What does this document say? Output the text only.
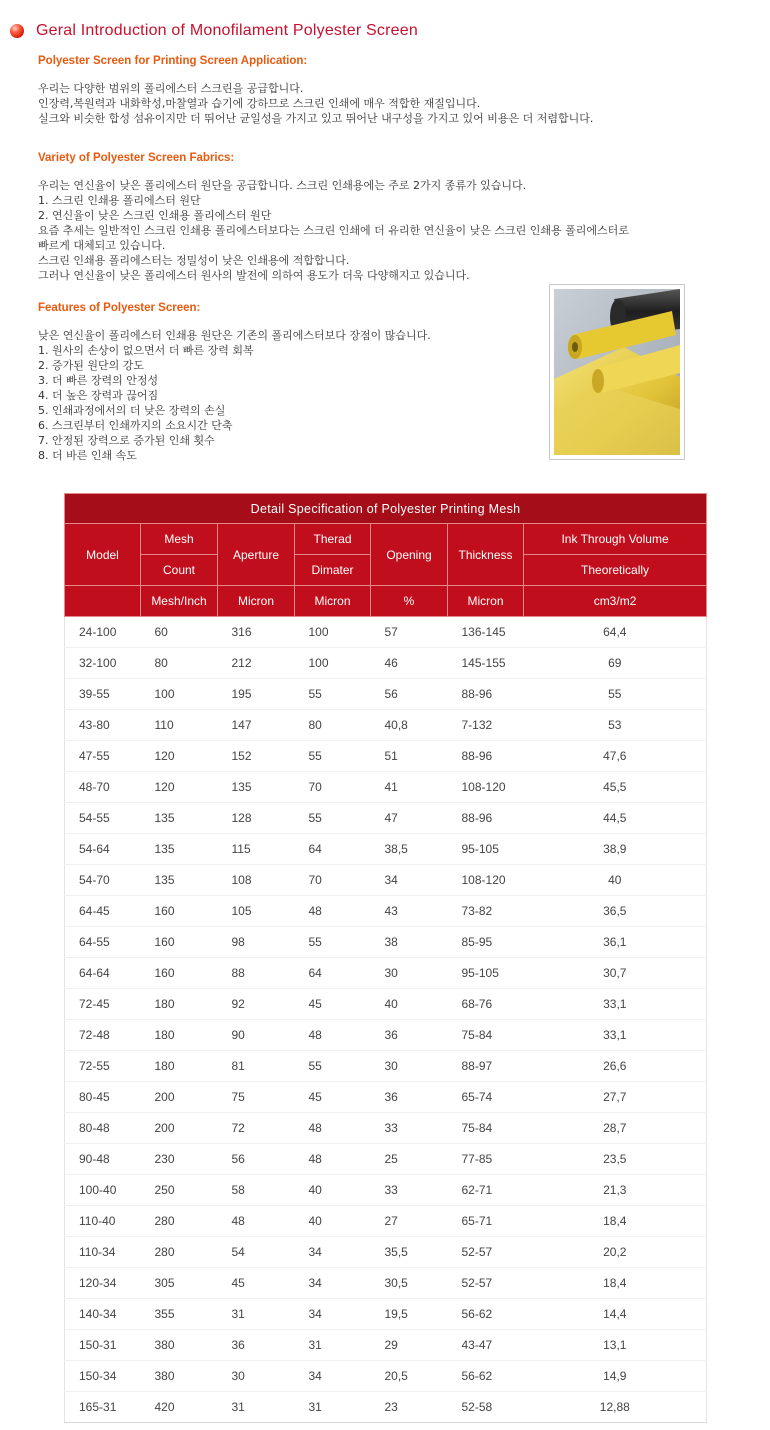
Geral Introduction of Monofilament Polyester Screen
Polyester Screen for Printing Screen Application:

우리는 다양한 범위의 폴리에스터 스크린을 공급합니다.

인장력,복원력과 내화학성,마찰열과 습기에 강하므로 스크린 인쇄에 매우 적합한 재질입니다.

실크와 비슷한 합성 섬유이지만 더 뛰어난 균일성을 가지고 있고 뛰어난 내구성을 가지고 있어 비용은 더 저렴합니다.

Variety of Polyester Screen Fabrics:

우리는 연신율이 낮은 폴리에스터 원단을 공급합니다. 스크린 인쇄용에는 주로 2가지 종류가 있습니다.

1. 스크린 인쇄용 폴리에스터 원단

2. 연신율이 낮은 스크린 인쇄용 폴리에스터 원단

요즘 추세는 일반적인 스크린 인쇄용 폴리에스터보다는 스크린 인쇄에 더 유리한 연신율이 낮은 스크린 인쇄용 폴리에스터로

빠르게 대체되고 있습니다.

스크린 인쇄용 폴리에스터는 정밀성이 낮은 인쇄용에 적합합니다.

그러나 연신율이 낮은 폴리에스터 원사의 발전에 의하여 용도가 더욱 다양해지고 있습니다.

Features of Polyester Screen:

낮은 연신율이 폴리에스터 인쇄용 원단은 기존의 폴리에스터보다 장점이 많습니다.

1. 원사의 손상이 없으면서 더 빠른 장력 회복

2. 증가된 원단의 강도

3. 더 빠른 장력의 안정성

4. 더 높은 장력과 끊어짐

5. 인쇄과정에서의 더 낮은 장력의 손실

6. 스크린부터 인쇄까지의 소요시간 단축

7. 안정된 장력으로 증가된 인쇄 횟수

8. 더 바른 인쇄 속도

Detail Specification of Polyester Printing Mesh						
Model	Mesh	Aperture	Therad	Opening	Thickness	Ink Through Volume
	Count		Dimater			Theoretically
	Mesh/Inch	Micron	Micron	%	Micron	cm3/m2
24-100	60	316	100	57	136-145	64,4
32-100	80	212	100	46	145-155	69
39-55	100	195	55	56	88-96	55
43-80	110	147	80	40,8	7-132	53
47-55	120	152	55	51	88-96	47,6
48-70	120	135	70	41	108-120	45,5
54-55	135	128	55	47	88-96	44,5
54-64	135	115	64	38,5	95-105	38,9
54-70	135	108	70	34	108-120	40
64-45	160	105	48	43	73-82	36,5
64-55	160	98	55	38	85-95	36,1
64-64	160	88	64	30	95-105	30,7
72-45	180	92	45	40	68-76	33,1
72-48	180	90	48	36	75-84	33,1
72-55	180	81	55	30	88-97	26,6
80-45	200	75	45	36	65-74	27,7
80-48	200	72	48	33	75-84	28,7
90-48	230	56	48	25	77-85	23,5
100-40	250	58	40	33	62-71	21,3
110-40	280	48	40	27	65-71	18,4
110-34	280	54	34	35,5	52-57	20,2
120-34	305	45	34	30,5	52-57	18,4
140-34	355	31	34	19,5	56-62	14,4
150-31	380	36	31	29	43-47	13,1
150-34	380	30	34	20,5	56-62	14,9
165-31	420	31	31	23	52-58	12,88
